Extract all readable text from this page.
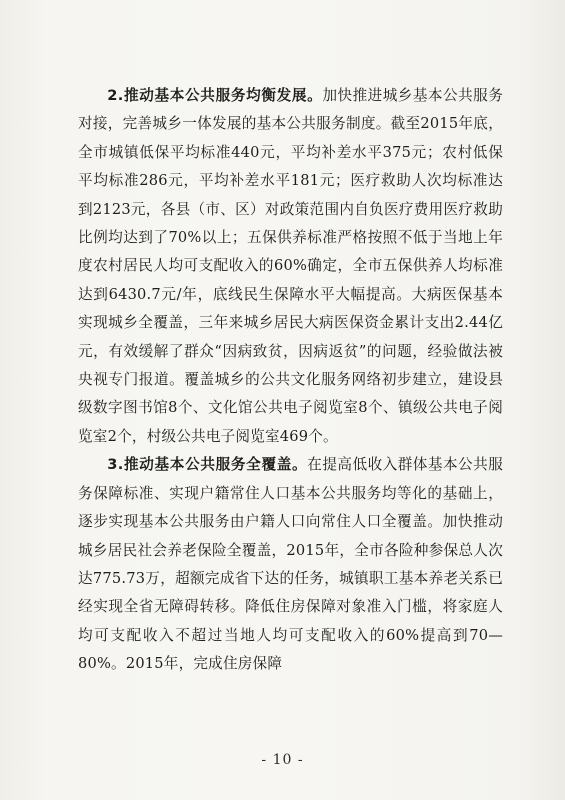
2.推动基本公共服务均衡发展。加快推进城乡基本公共服务对接，完善城乡一体发展的基本公共服务制度。截至2015年底，全市城镇低保平均标准440元，平均补差水平375元；农村低保平均标准286元，平均补差水平181元；医疗救助人次均标准达到2123元，各县（市、区）对政策范围内自负医疗费用医疗救助比例均达到了70%以上；五保供养标准严格按照不低于当地上年度农村居民人均可支配收入的60%确定，全市五保供养人均标准达到6430.7元/年，底线民生保障水平大幅提高。大病医保基本实现城乡全覆盖，三年来城乡居民大病医保资金累计支出2.44亿元，有效缓解了群众“因病致贫，因病返贫”的问题，经验做法被央视专门报道。覆盖城乡的公共文化服务网络初步建立，建设县级数字图书馆8个、文化馆公共电子阅览室8个、镇级公共电子阅览室2个，村级公共电子阅览室469个。

3.推动基本公共服务全覆盖。在提高低收入群体基本公共服务保障标准、实现户籍常住人口基本公共服务均等化的基础上，逐步实现基本公共服务由户籍人口向常住人口全覆盖。加快推动城乡居民社会养老保险全覆盖，2015年，全市各险种参保总人次达775.73万，超额完成省下达的任务，城镇职工基本养老关系已经实现全省无障碍转移。降低住房保障对象准入门槛，将家庭人均可支配收入不超过当地人均可支配收入的60%提高到70—80%。2015年，完成住房保障

- 10 -
